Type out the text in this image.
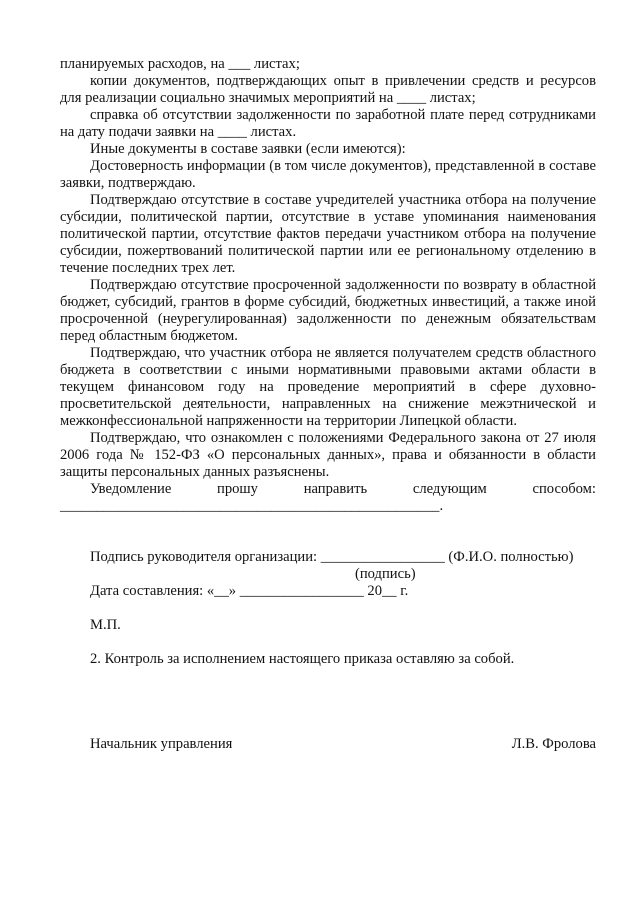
планируемых расходов, на ___ листах;

копии документов, подтверждающих опыт в привлечении средств и ресурсов для реализации социально значимых мероприятий на ____ листах;

справка об отсутствии задолженности по заработной плате перед сотрудниками на дату подачи заявки на ____ листах.

Иные документы в составе заявки (если имеются):

Достоверность информации (в том числе документов), представленной в составе заявки, подтверждаю.

Подтверждаю отсутствие в составе учредителей участника отбора на получение субсидии, политической партии, отсутствие в уставе упоминания наименования политической партии, отсутствие фактов передачи участником отбора на получение субсидии, пожертвований политической партии или ее региональному отделению в течение последних трех лет.

Подтверждаю отсутствие просроченной задолженности по возврату в областной бюджет, субсидий, грантов в форме субсидий, бюджетных инвестиций, а также иной просроченной (неурегулированная) задолженности по денежным обязательствам перед областным бюджетом.

Подтверждаю, что участник отбора не является получателем средств областного бюджета в соответствии с иными нормативными правовыми актами области в текущем финансовом году на проведение мероприятий в сфере духовно-просветительской деятельности, направленных на снижение межэтнической и межконфессиональной напряженности на территории Липецкой области.

Подтверждаю, что ознакомлен с положениями Федерального закона от 27 июля 2006 года № 152-ФЗ «О персональных данных», права и обязанности в области защиты персональных данных разъяснены.

Уведомление	прошу	направить	следующим	способом:
____________________________________________________.
Подпись руководителя организации: _________________ (Ф.И.О. полностью)
(подпись)
Дата составления: «__» _________________ 20__ г.
М.П.
2. Контроль за исполнением настоящего приказа оставляю за собой.
Начальник управления	Л.В. Фролова
